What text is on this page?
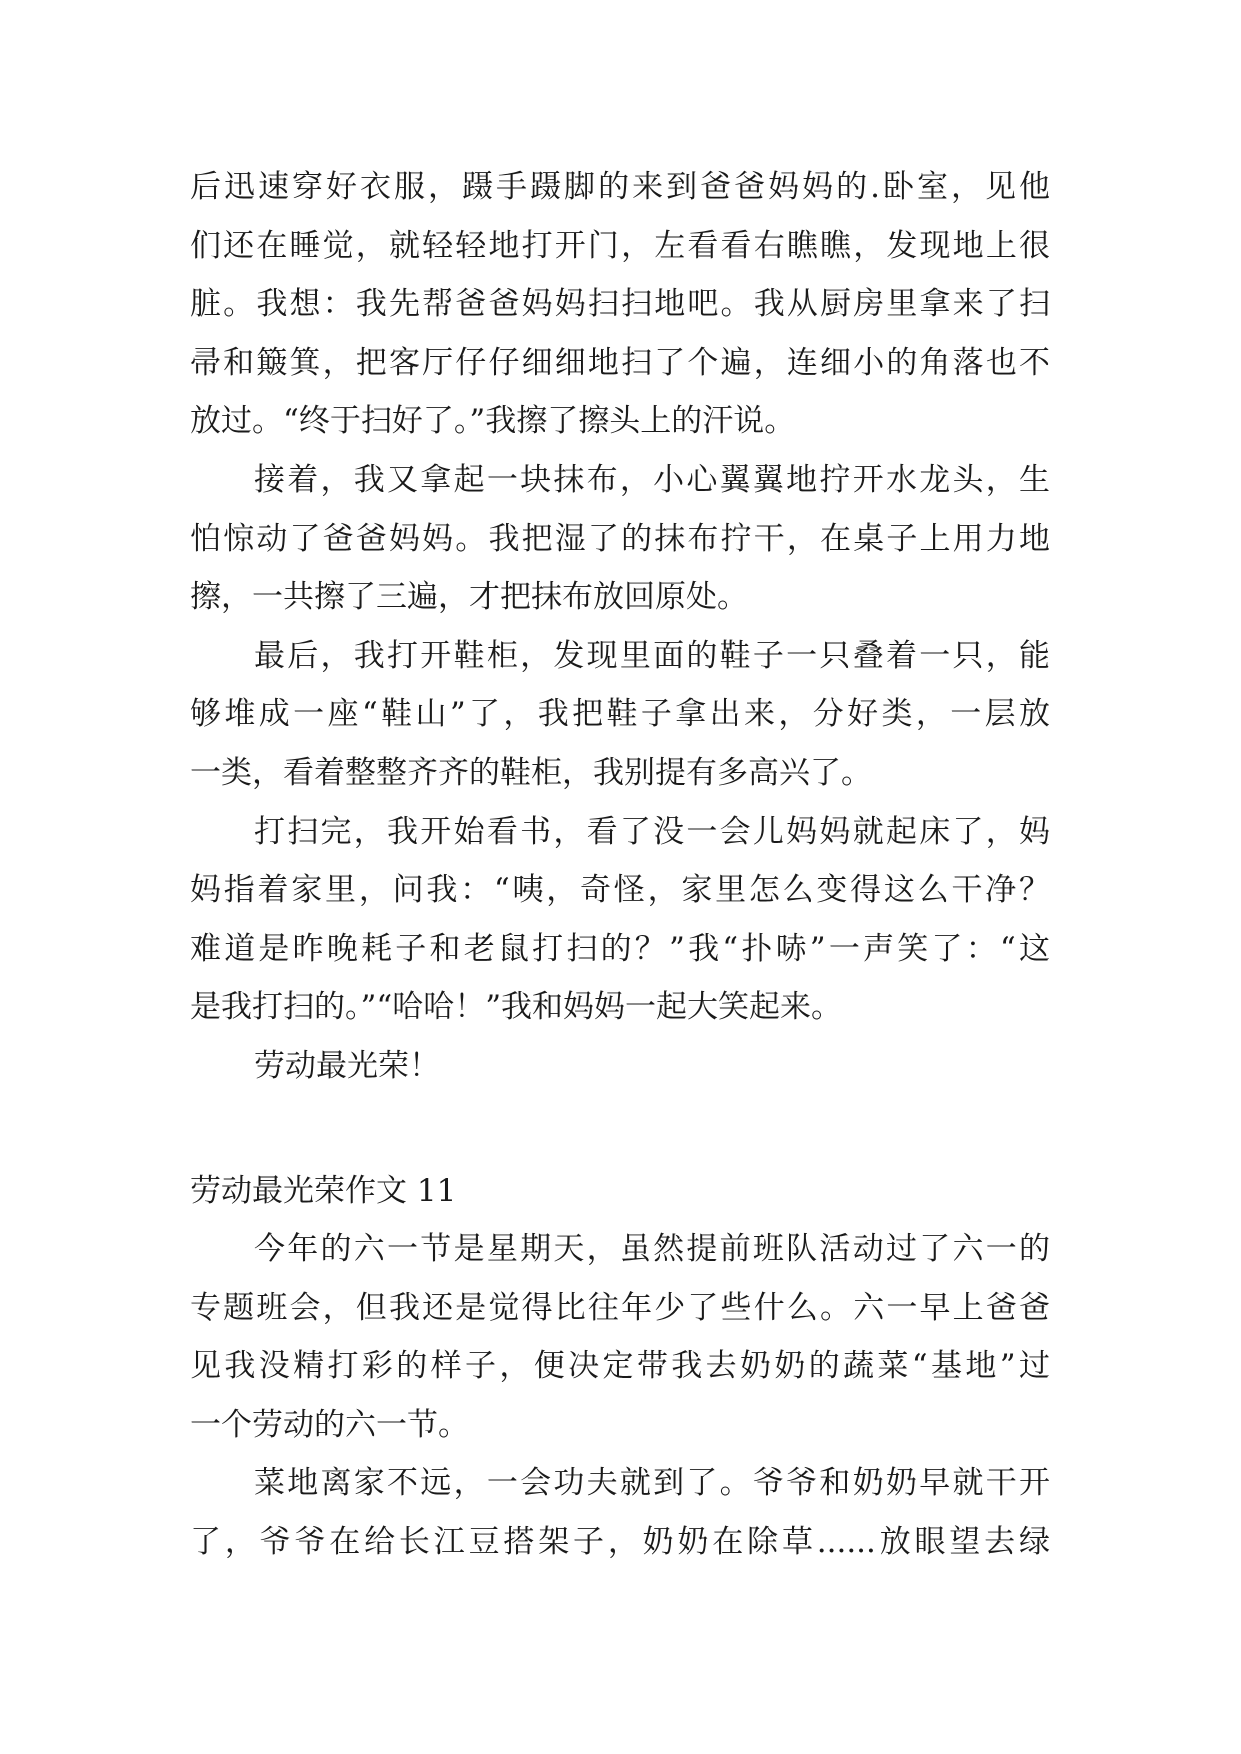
后迅速穿好衣服，蹑手蹑脚的来到爸爸妈妈的.卧室，见他
们还在睡觉，就轻轻地打开门，左看看右瞧瞧，发现地上很
脏。我想：我先帮爸爸妈妈扫扫地吧。我从厨房里拿来了扫
帚和簸箕，把客厅仔仔细细地扫了个遍，连细小的角落也不
放过。“终于扫好了。”我擦了擦头上的汗说。
接着，我又拿起一块抹布，小心翼翼地拧开水龙头，生
怕惊动了爸爸妈妈。我把湿了的抹布拧干，在桌子上用力地
擦，一共擦了三遍，才把抹布放回原处。
最后，我打开鞋柜，发现里面的鞋子一只叠着一只，能
够堆成一座“鞋山”了，我把鞋子拿出来，分好类，一层放
一类，看着整整齐齐的鞋柜，我别提有多高兴了。
打扫完，我开始看书，看了没一会儿妈妈就起床了，妈
妈指着家里，问我：“咦，奇怪，家里怎么变得这么干净？
难道是昨晚耗子和老鼠打扫的？”我“扑哧”一声笑了：“这
是我打扫的。”“哈哈！”我和妈妈一起大笑起来。
劳动最光荣！
劳动最光荣作文 11
今年的六一节是星期天，虽然提前班队活动过了六一的
专题班会，但我还是觉得比往年少了些什么。六一早上爸爸
见我没精打彩的样子，便决定带我去奶奶的蔬菜“基地”过
一个劳动的六一节。
菜地离家不远，一会功夫就到了。爷爷和奶奶早就干开
了，爷爷在给长江豆搭架子，奶奶在除草......放眼望去绿
